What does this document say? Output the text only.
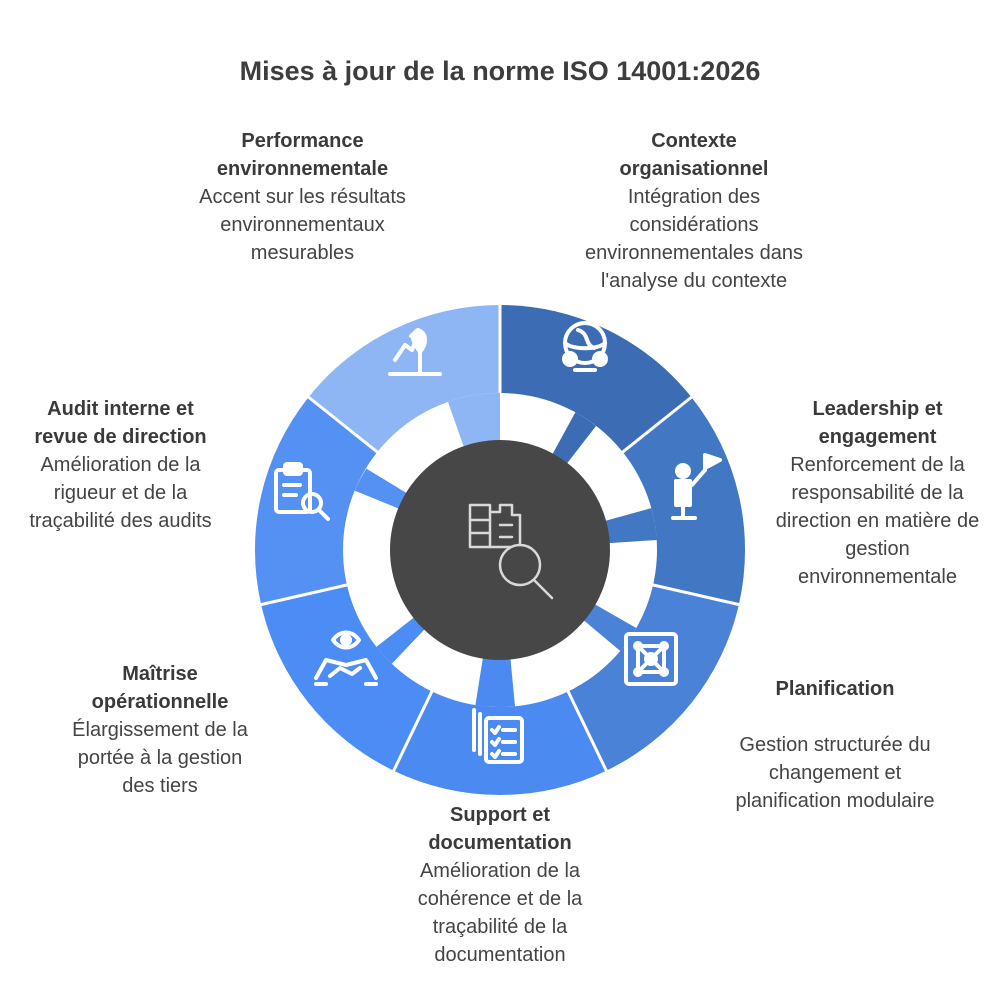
Mises à jour de la norme ISO 14001:2026
Performance environnementale
Accent sur les résultats environnementaux mesurables
Contexte organisationnel
Intégration des considérations environnementales dans l'analyse du contexte
Leadership et engagement
Renforcement de la responsabilité de la direction en matière de gestion environnementale
Planification
Gestion structurée du changement et planification modulaire
Support et documentation
Amélioration de la cohérence et de la traçabilité de la documentation
Maîtrise opérationnelle
Élargissement de la portée à la gestion des tiers
Audit interne et revue de direction
Amélioration de la rigueur et de la traçabilité des audits
